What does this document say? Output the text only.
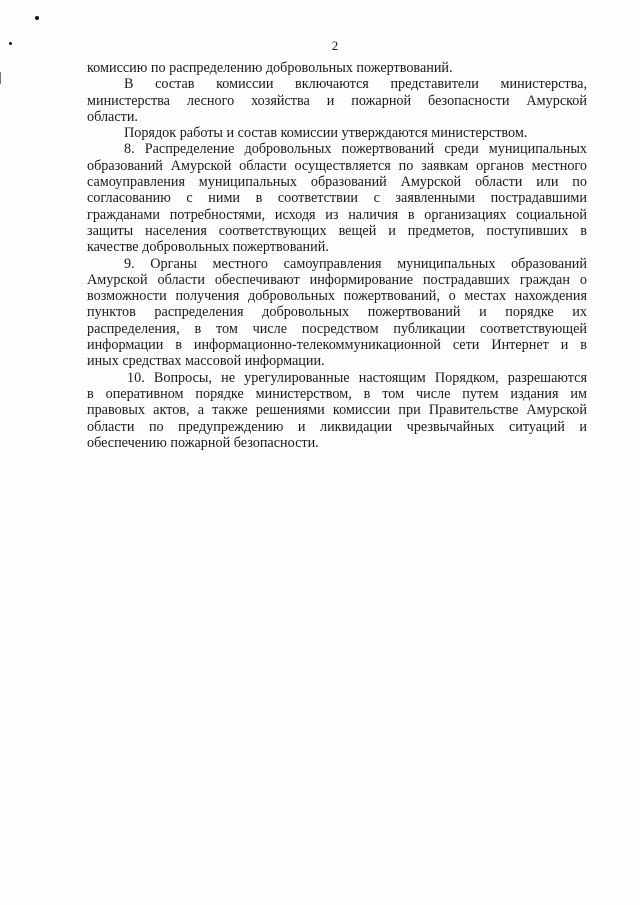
2

комиссию по распределению добровольных пожертвований.

В состав комиссии включаются представители министерства,
министерства лесного хозяйства и пожарной безопасности Амурской
области.

Порядок работы и состав комиссии утверждаются министерством.

8. Распределение добровольных пожертвований среди муниципальных
образований Амурской области осуществляется по заявкам органов местного
самоуправления муниципальных образований Амурской области или по
согласованию с ними в соответствии с заявленными пострадавшими
гражданами потребностями, исходя из наличия в организациях социальной
защиты населения соответствующих вещей и предметов, поступивших в
качестве добровольных пожертвований.

9. Органы местного самоуправления муниципальных образований
Амурской области обеспечивают информирование пострадавших граждан о
возможности получения добровольных пожертвований, о местах нахождения
пунктов распределения добровольных пожертвований и порядке их
распределения, в том числе посредством публикации соответствующей
информации в информационно-телекоммуникационной сети Интернет и в
иных средствах массовой информации.

10. Вопросы, не урегулированные настоящим Порядком, разрешаются
в оперативном порядке министерством, в том числе путем издания им
правовых актов, а также решениями комиссии при Правительстве Амурской
области по предупреждению и ликвидации чрезвычайных ситуаций и
обеспечению пожарной безопасности.
